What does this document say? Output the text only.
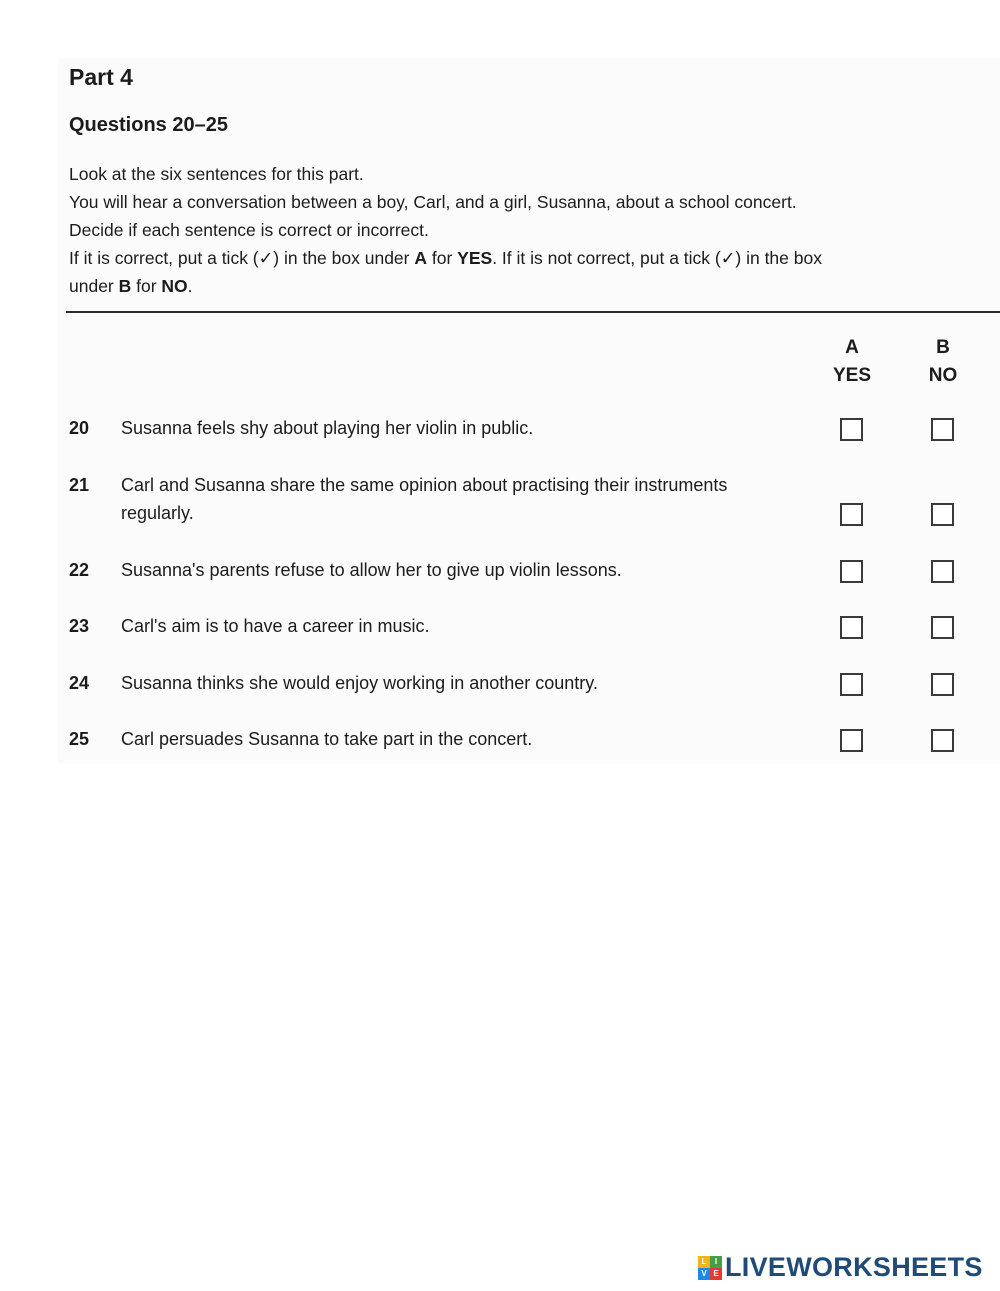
Part 4
Questions 20–25

Look at the six sentences for this part.

You will hear a conversation between a boy, Carl, and a girl, Susanna, about a school concert.

Decide if each sentence is correct or incorrect.

If it is correct, put a tick (✓) in the box under A for YES. If it is not correct, put a tick (✓) in the box

under B for NO.

A
YES
B
NO
20 Susanna feels shy about playing her violin in public.
21 Carl and Susanna share the same opinion about practising their instruments regularly.
22 Susanna's parents refuse to allow her to give up violin lessons.
23 Carl's aim is to have a career in music.
24 Susanna thinks she would enjoy working in another country.
25 Carl persuades Susanna to take part in the concert.
L	I
V E LIVEWORKSHEETS
